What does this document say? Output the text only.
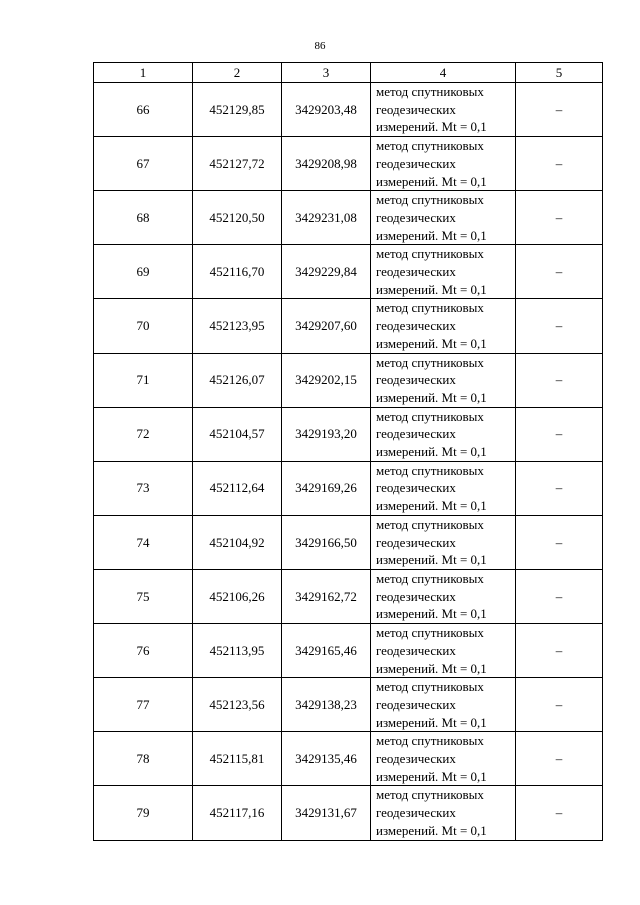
86
1	2	3	4	5
66	452129,85	3429203,48	метод спутниковых
геодезических
измерений. Mt = 0,1	–
67	452127,72	3429208,98	метод спутниковых
геодезических
измерений. Mt = 0,1	–
68	452120,50	3429231,08	метод спутниковых
геодезических
измерений. Mt = 0,1	–
69	452116,70	3429229,84	метод спутниковых
геодезических
измерений. Mt = 0,1	–
70	452123,95	3429207,60	метод спутниковых
геодезических
измерений. Mt = 0,1	–
71	452126,07	3429202,15	метод спутниковых
геодезических
измерений. Mt = 0,1	–
72	452104,57	3429193,20	метод спутниковых
геодезических
измерений. Mt = 0,1	–
73	452112,64	3429169,26	метод спутниковых
геодезических
измерений. Mt = 0,1	–
74	452104,92	3429166,50	метод спутниковых
геодезических
измерений. Mt = 0,1	–
75	452106,26	3429162,72	метод спутниковых
геодезических
измерений. Mt = 0,1	–
76	452113,95	3429165,46	метод спутниковых
геодезических
измерений. Mt = 0,1	–
77	452123,56	3429138,23	метод спутниковых
геодезических
измерений. Mt = 0,1	–
78	452115,81	3429135,46	метод спутниковых
геодезических
измерений. Mt = 0,1	–
79	452117,16	3429131,67	метод спутниковых
геодезических
измерений. Mt = 0,1	–
